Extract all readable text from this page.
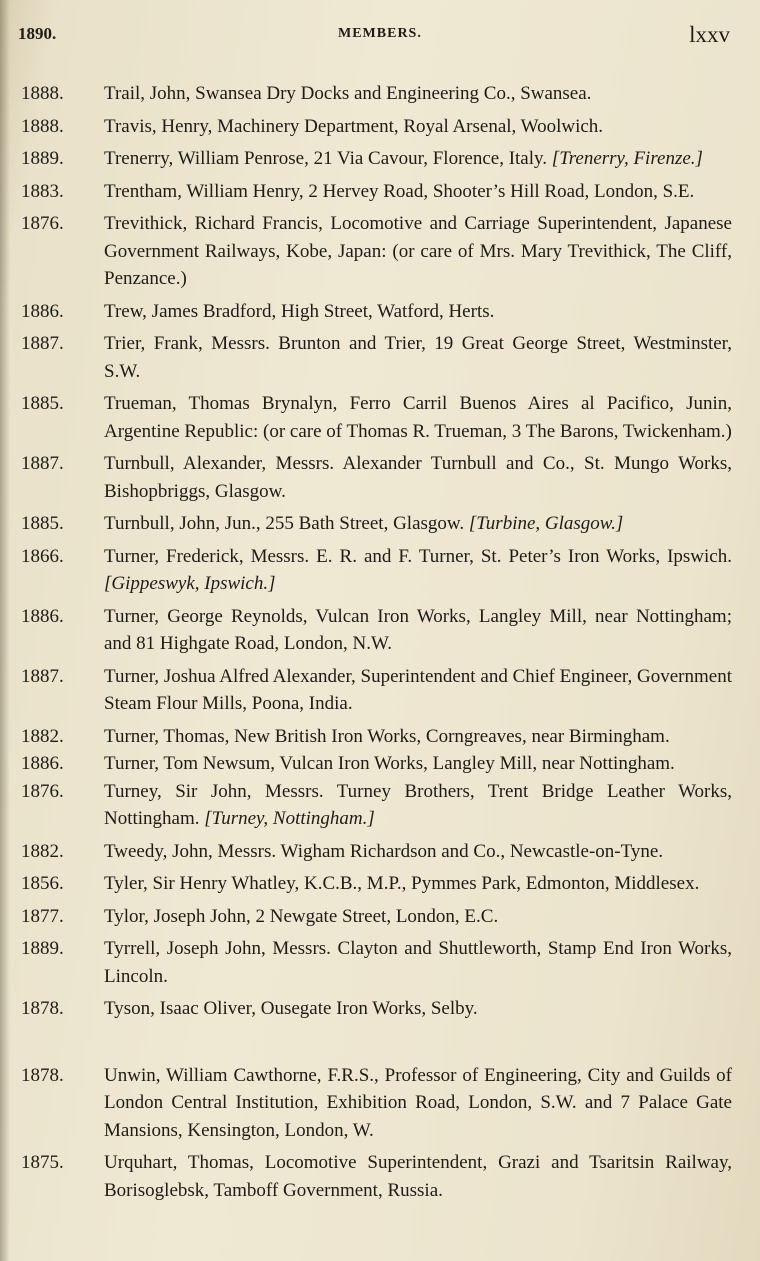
1890.	MEMBERS.	lxxv
1888.	Trail, John, Swansea Dry Docks and Engineering Co., Swansea.
1888.	Travis, Henry, Machinery Department, Royal Arsenal, Woolwich.
1889.	Trenerry, William Penrose, 21 Via Cavour, Florence, Italy. [Trenerry, Firenze.]
1883.	Trentham, William Henry, 2 Hervey Road, Shooter’s Hill Road, London, S.E.
1876.	Trevithick, Richard Francis, Locomotive and Carriage Superintendent, Japanese Government Railways, Kobe, Japan: (or care of Mrs. Mary Trevithick, The Cliff, Penzance.)
1886.	Trew, James Bradford, High Street, Watford, Herts.
1887.	Trier, Frank, Messrs. Brunton and Trier, 19 Great George Street, Westminster, S.W.
1885.	Trueman, Thomas Brynalyn, Ferro Carril Buenos Aires al Pacifico, Junin, Argentine Republic: (or care of Thomas R. Trueman, 3 The Barons, Twickenham.)
1887.	Turnbull, Alexander, Messrs. Alexander Turnbull and Co., St. Mungo Works, Bishopbriggs, Glasgow.
1885.	Turnbull, John, Jun., 255 Bath Street, Glasgow. [Turbine, Glasgow.]
1866.	Turner, Frederick, Messrs. E. R. and F. Turner, St. Peter’s Iron Works, Ipswich. [Gippeswyk, Ipswich.]
1886.	Turner, George Reynolds, Vulcan Iron Works, Langley Mill, near Nottingham; and 81 Highgate Road, London, N.W.
1887.	Turner, Joshua Alfred Alexander, Superintendent and Chief Engineer, Government Steam Flour Mills, Poona, India.
1882.	Turner, Thomas, New British Iron Works, Corngreaves, near Birmingham.
1886.	Turner, Tom Newsum, Vulcan Iron Works, Langley Mill, near Nottingham.
1876.	Turney, Sir John, Messrs. Turney Brothers, Trent Bridge Leather Works, Nottingham. [Turney, Nottingham.]
1882.	Tweedy, John, Messrs. Wigham Richardson and Co., Newcastle-on-Tyne.
1856.	Tyler, Sir Henry Whatley, K.C.B., M.P., Pymmes Park, Edmonton, Middlesex.
1877.	Tylor, Joseph John, 2 Newgate Street, London, E.C.
1889.	Tyrrell, Joseph John, Messrs. Clayton and Shuttleworth, Stamp End Iron Works, Lincoln.
1878.	Tyson, Isaac Oliver, Ousegate Iron Works, Selby.
1878.	Unwin, William Cawthorne, F.R.S., Professor of Engineering, City and Guilds of London Central Institution, Exhibition Road, London, S.W. and 7 Palace Gate Mansions, Kensington, London, W.
1875.	Urquhart, Thomas, Locomotive Superintendent, Grazi and Tsaritsin Railway, Borisoglebsk, Tamboff Government, Russia.
